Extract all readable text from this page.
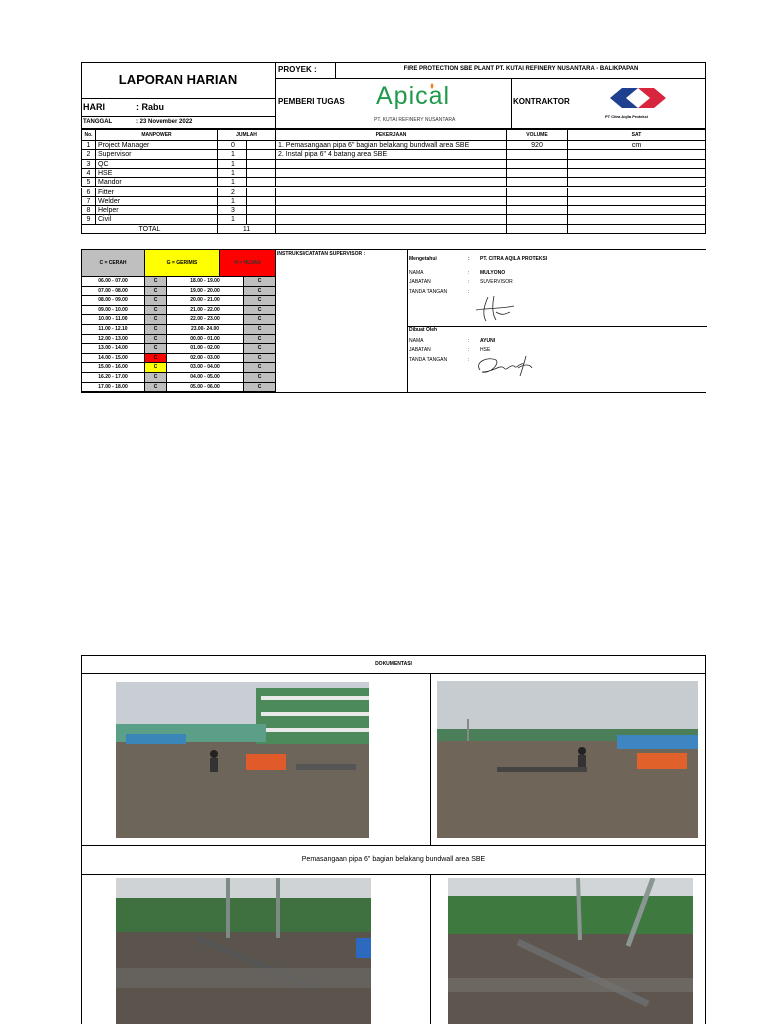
LAPORAN HARIAN
HARI	: Rabu
TANGGAL	: 23 November 2022
PROYEK :	FIRE PROTECTION SBE PLANT PT. KUTAI REFINERY NUSANTARA - BALIKPAPAN
PEMBERI TUGAS Apical
PT. KUTAI REFINERY NUSANTARA
KONTRAKTOR
PT Citra Aqila Proteksi
No.	MANPOWER	JUMLAH	PEKERJAAN	VOLUME	SAT
1	Project Manager	0	1. Pemasangaan pipa 6" bagian belakang bundwall area SBE	920	cm
2	Supervisor	1	2. Instal pipa 6" 4 batang area SBE
3	QC	1
4	HSE	1
5	Mandor	1
6	Fitter	2
7	Welder	1
8	Helper	3
9	Civil	1
TOTAL	11
C = CERAH	G = GERIMIS	H = HUJAN
06.00 - 07.00	C	18.00 - 19.00	C
07.00 - 08.00	C	19.00 - 20.00	C
08.00 - 09.00	C	20.00 - 21.00	C
09.00 - 10.00	C	21.00 - 22.00	C
10.00 - 11.00	C	22.00 - 23.00	C
11.00 - 12.10	C	23.00- 24.00	C
12.00 - 13.00	C	00.00 - 01.00	C
13.00 - 14.00	C	01.00 - 02.00	C
14.00 - 15.00	C	02.00 - 03.00	C
15.00 - 16.00	C	03.00 - 04.00	C
16.20 - 17.00	C	04.00 - 05.00	C
17.00 - 18.00	C	05.00 - 06.00	C
INSTRUKSI/CATATAN SUPERVISOR :
Mengetahui	: PT. CITRA AQILA PROTEKSI
NAMA	: MULYONO
JABATAN	: SUVERVISOR
TANDA TANGAN	:
Dibuat Oleh
NAMA	: AYUNI
JABATAN	: HSE
TANDA TANGAN	:
DOKUMENTASI
Pemasangaan pipa 6" bagian belakang bundwall area SBE
